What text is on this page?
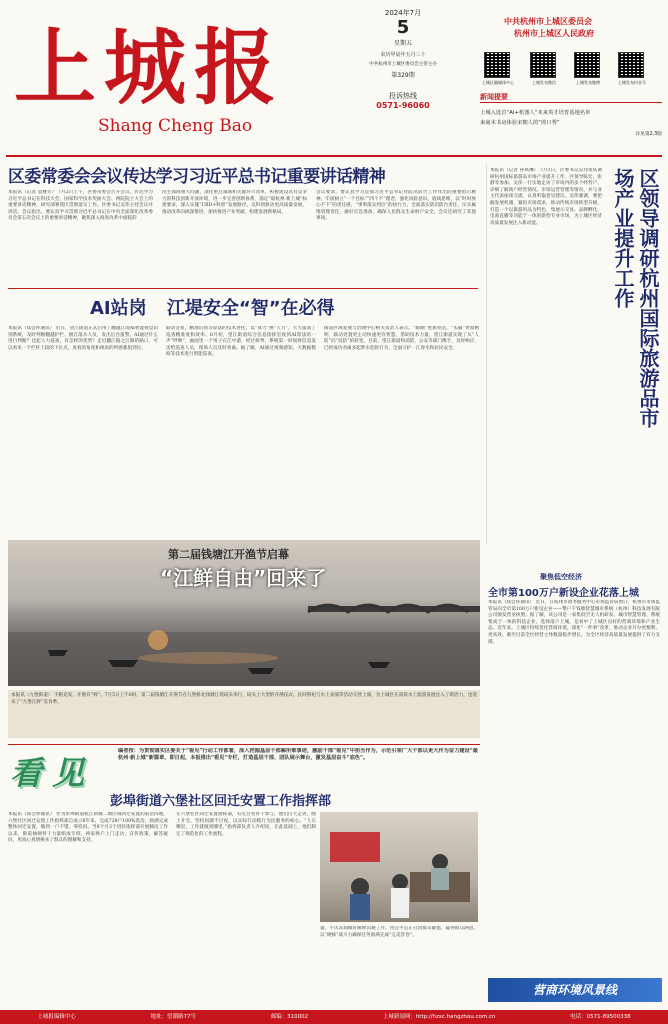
上城报
Shang Cheng Bao
2024年7月
5
星期五
农历甲辰年五月三十
中共杭州市上城区委员会主管主办
第329期
投诉热线
0571-96060
中共杭州市上城区委员会
杭州市上城区人民政府
上城区融媒体中心	上城发布微信	上城发布微博	上城发布抖音号
新闻提要
上城入选首“AI+机器人”未来英才培育基地名单
来商末书房体验宋朝人的“煎口秀”
详见第2,3版
区委常委会会议传达学习习近平总书记重要讲话精神
本报讯（记者 袁楼芳） 7月2日上午，区委常委会召开会议，传达学习习近平总书记在科技大会、国家科学技术奖励大会、两院院士大会上的重要讲话精神，研究部署我区贯彻落实工作。区委书记吴伟主持会议并讲话。会议指出，要认真学习贯彻习近平总书记在中央全面深化改革委员会第五次会议上的重要讲话精神，聚焦深入推进改革中面临的
民生领域重大问题，深化重点领域和关键环节改革，积极建设具有竞争力的科技创新开放环境，进一步完善创新体系，锚定“最杭州·新上城”标准要求，深入实施“CBD+科创”发展路径，以科创驱动更高质量发展，推动改革向纵深推进，加快推进产业突破，构建发展新格局。
会议要求，要认真学习贯彻习近平总书记对防汛防台工作作出的重要指示精神，牢固树立“一个目标”“四个不”理念，强化风险意识、底线思维，以“时时放心不下”的责任感，“事事落实到位”的执行力，全面落实防汛防台责任，压实属地管理责任，做好应急准备，确保人民群众生命财产安全。会议还研究了其他事项。
AI站岗 江堤安全“智”在必得
本报讯（郑会祥通讯） 近日，望江街道正式启用了翻越江堤AI智能视觉识别系统，及时判断翻越护栏、擅自落水人员，发出后台报警，AI通过什么进行判断？比起人力巡查，有怎样的优势？走近翻江路之江路的路口，可以看见一个栏杆上较的下位点，查看的角度和视角的所感都很到位。
联动答复、精准识别等算法的技术进化，以“算力”换“人力”，大大提高了巡查精准度和效率。6月初，望江街道综合信息指挥室收到AI算法的一声“呼唤”，画面里一个男子在江中游，经过研判，系统第一时间将信息发送给巡查人员，现场人员及时劝离。据了解，AI通过视频感知、大数据模拟等技术进行智能巡查。
街道区域发展与治理中心相关负责人表示。“眼睛”更加亮活，“头脑”更加精明，联动处置更主动快速更有智慧。借助技术力量，望江街道实现了从“人防”向“技防”的转变。目前，望江街道和消防，公安等部门携手，及时响应，已经成功劝离多起涉水危险行为，全面守护一江春水和居民安全。
第二届钱塘江开渔节启幕
“江鲜自由”回来了
本报讯（九堡街道） 千帆竞发，开渔有“鲜”。7月5日上午6时，第二届钱塘江开渔节在九堡桥北钱塘江堤码头举行，码头上大型的开渔仪式、民间祭祀与水上表演等活动交替上演，为上城区在南段水上旅游发展注入了新活力，也迎来了“九堡江鲜”美食季。
区领导调研杭州国际旅游品市场产业提升工作
本报讯（记者 孙琪琳） 7月1日，区委书记吴伟带队调研杭州国际旅游品市场产业提升工作。区领导陈宏、张静等参加。吴伟一行实地走访了市场内的多个经营户，详细了解商户经营情况、市场运营管理等情况，并与业主代表座谈交流，认真听取意见建议。吴伟强调，要把握发展机遇，紧扣市场需求，推动传统市场转型升级，打造一个以旅游用品为特色、集展示交易、品牌孵化、电商直播等功能于一体的新型专业市场，为上城区经济高质量发展注入新动能。
聚焦低空经济
全市第100万户新设企业花落上城
本报讯（郑会祥通讯） 近日，在杭州市政务服务中心市场监管局窗口，杭州市市场监管局向全市第100万户新设企业——擎户千钱塘智慧城市系统（杭州）科技发展有限公司颁发营业执照。据了解，该公司是一家集低空无人机研发、城市智慧管理、系统集成于一体的科技企业，选择落户上城，是看中了上城区良好的营商环境和产业生态。近年来，上城区持续优化营商环境，深化“一件事”改革，推动企业开办更便利、更高效，截至目前全区经营主体数量稳步增长，为全区经济高质量发展提供了有力支撑。
看见
编者按：为贯彻落实区委关于“看见”行动工作部署，深入挖掘基层干部解所难事迹，激励干部“看见”中担当作为，示范引领广大干部以更大作为奋力建设“最杭州·新上城”新篇章，即日起，本报推出“看见”专栏，打造基层干部、团队展示舞台，激发基层奋斗“底色”。
彭埠街道六堡社区回迁安置工作指挥部
本报讯（郑会祥通讯） 作为彭埠街道杭江新城二期区域回迁安置的前沿阵地，六堡社区回迁安置工作指挥部自成立6年来，完成728户100%选房，圆满完成整体回迁安置，做到一户不错、零投诉。当6个月3个进驻指挥部开展腾房工作以来，街道抽调骨干力量组成专班，挨家挨户上门走访，宣传政策，解答疑问，用真心真情换来了群众的理解和支持。
在六堡社区回迁安置指挥部，有近百名骨干参与，他们白天走访，晚上开会，坚持问题不过夜，以实际行动践行为民服务的初心。“人在哪里，工作就做到哪里。”指挥部负责人介绍说，在此基础上，他们制定了规范化的工作流程。
量，不厌其烦做好解释沟通工作，用公平公正打消群众疑虑，赢得群众满意。以“硬核”战斗力确保任务圆满完成“完美答卷”。
营商环境风景线
上城报编辑中心	地址：望潮路77号	邮编：310002	上城新闻网：http://hzsc.hangzhou.com.cn	电话：0571-89500338
